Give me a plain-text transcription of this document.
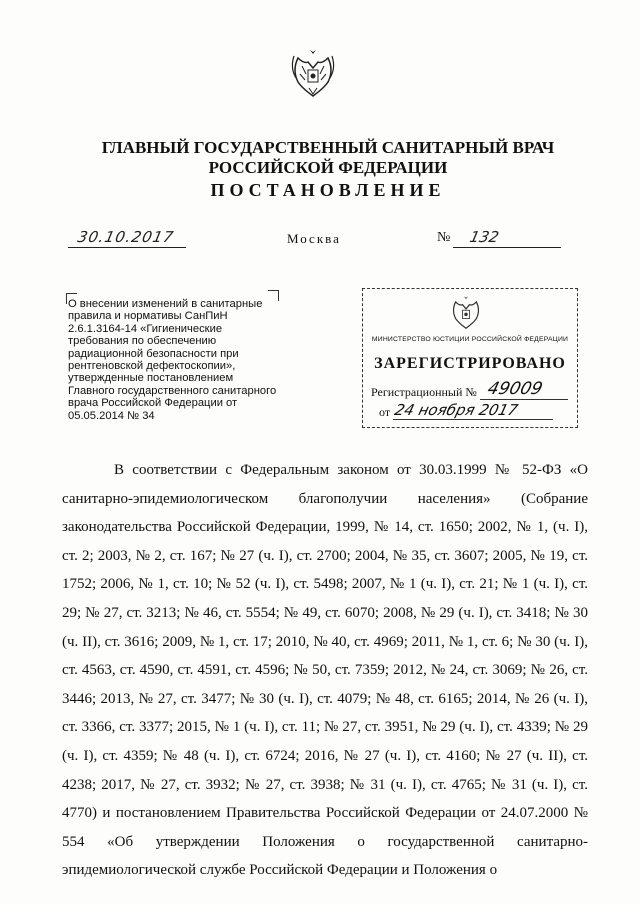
ГЛАВНЫЙ ГОСУДАРСТВЕННЫЙ САНИТАРНЫЙ ВРАЧ
РОССИЙСКОЙ ФЕДЕРАЦИИ
ПОСТАНОВЛЕНИЕ
30.10.2017	Москва	№ 132
О внесении изменений в санитарные правила и нормативы СанПиН 2.6.1.3164-14 «Гигиенические требования по обеспечению радиационной безопасности при рентгеновской дефектоскопии», утвержденные постановлением Главного государственного санитарного врача Российской Федерации от 05.05.2014 № 34
МИНИСТЕРСТВО ЮСТИЦИИ РОССИЙСКОЙ ФЕДЕРАЦИИ
ЗАРЕГИСТРИРОВАНО
Регистрационный № 49009
от 24 ноября 2017

В соответствии с Федеральным законом от 30.03.1999 № 52-ФЗ «О санитарно-эпидемиологическом благополучии населения» (Собрание законодательства Российской Федерации, 1999, № 14, ст. 1650; 2002, № 1, (ч. I), ст. 2; 2003, № 2, ст. 167; № 27 (ч. I), ст. 2700; 2004, № 35, ст. 3607; 2005, № 19, ст. 1752; 2006, № 1, ст. 10; № 52 (ч. I), ст. 5498; 2007, № 1 (ч. I), ст. 21; № 1 (ч. I), ст. 29; № 27, ст. 3213; № 46, ст. 5554; № 49, ст. 6070; 2008, № 29 (ч. I), ст. 3418; № 30 (ч. II), ст. 3616; 2009, № 1, ст. 17; 2010, № 40, ст. 4969; 2011, № 1, ст. 6; № 30 (ч. I), ст. 4563, ст. 4590, ст. 4591, ст. 4596; № 50, ст. 7359; 2012, № 24, ст. 3069; № 26, ст. 3446; 2013, № 27, ст. 3477; № 30 (ч. I), ст. 4079; № 48, ст. 6165; 2014, № 26 (ч. I), ст. 3366, ст. 3377; 2015, № 1 (ч. I), ст. 11; № 27, ст. 3951, № 29 (ч. I), ст. 4339; № 29 (ч. I), ст. 4359; № 48 (ч. I), ст. 6724; 2016, № 27 (ч. I), ст. 4160; № 27 (ч. II), ст. 4238; 2017, № 27, ст. 3932; № 27, ст. 3938; № 31 (ч. I), ст. 4765; № 31 (ч. I), ст. 4770) и постановлением Правительства Российской Федерации от 24.07.2000 № 554 «Об утверждении Положения о государственной санитарно-эпидемиологической службе Российской Федерации и Положения о
